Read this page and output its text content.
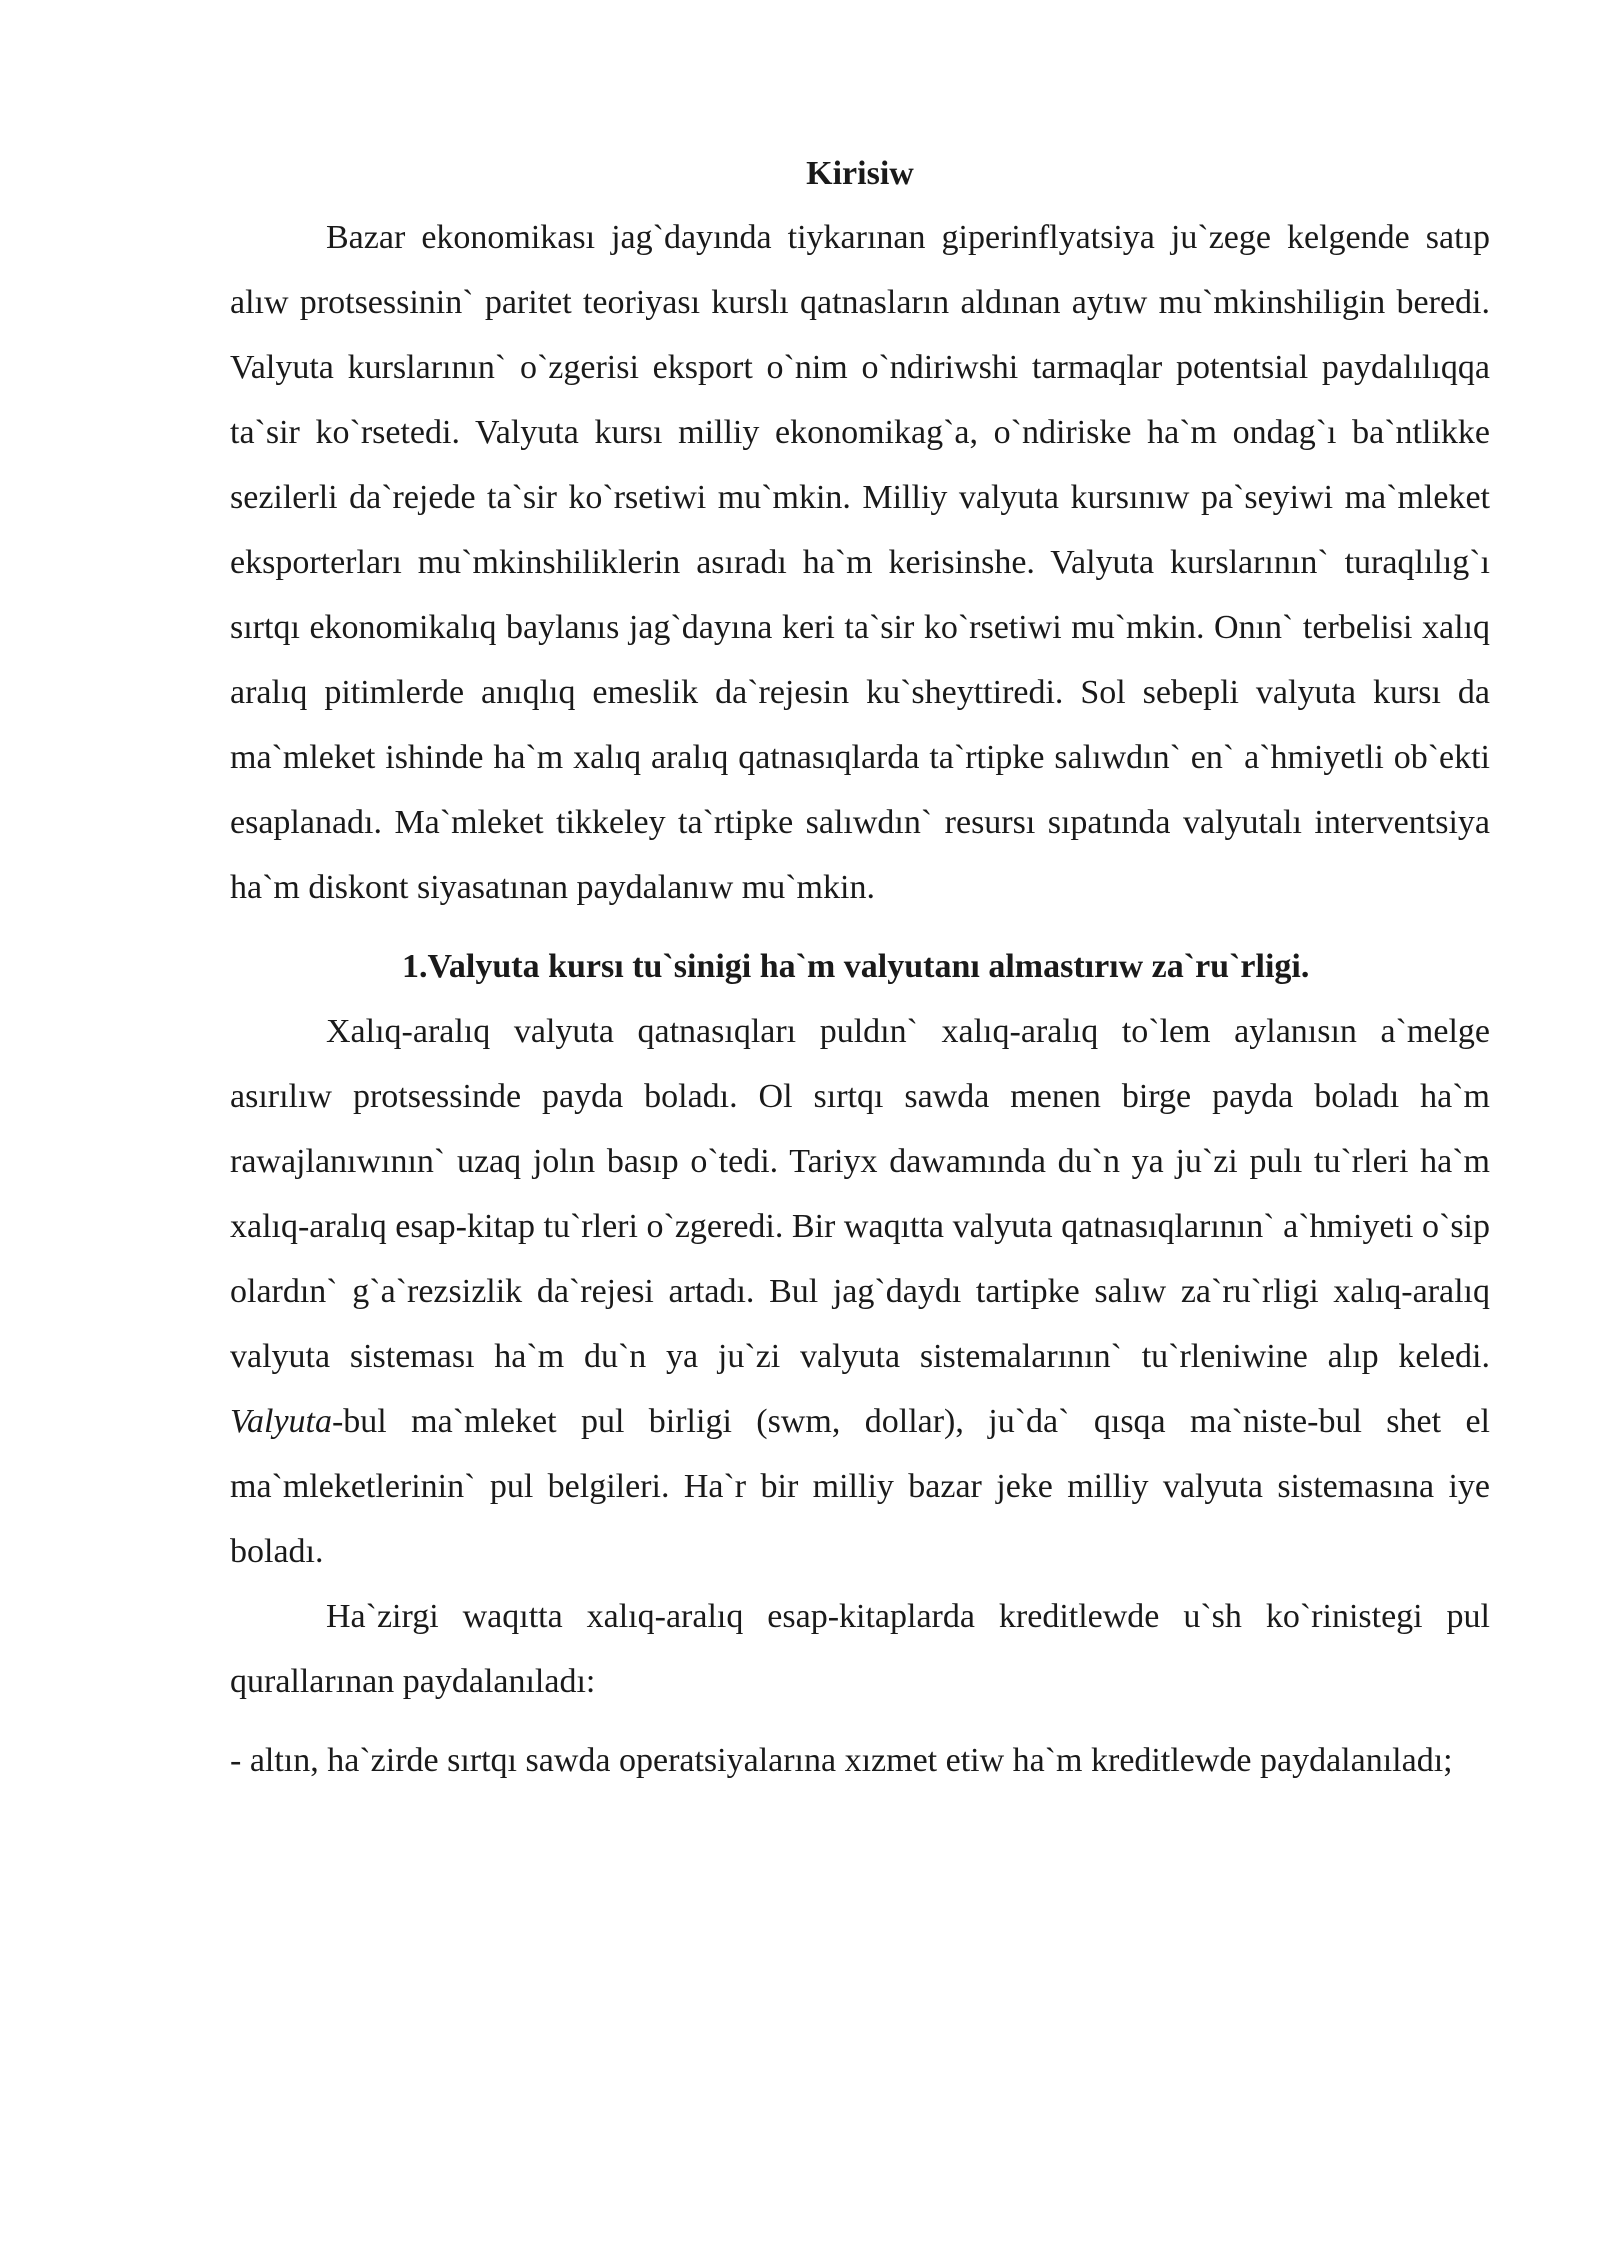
Kirisiw

Bazar ekonomikası jag`dayında tiykarınan giperinflyatsiya ju`zege kelgende satıp alıw protsessinin` paritet teoriyası kurslı qatnasların aldınan aytıw mu`mkinshiligin beredi. Valyuta kurslarının` o`zgerisi eksport o`nim o`ndiriwshi tarmaqlar potentsial paydalılıqqa ta`sir ko`rsetedi. Valyuta kursı milliy ekonomikag`a, o`ndiriske ha`m ondag`ı ba`ntlikke sezilerli da`rejede ta`sir ko`rsetiwi mu`mkin. Milliy valyuta kursınıw pa`seyiwi ma`mleket eksporterları mu`mkinshiliklerin asıradı ha`m kerisinshe. Valyuta kurslarının` turaqlılıg`ı sırtqı ekonomikalıq baylanıs jag`dayına keri ta`sir ko`rsetiwi mu`mkin. Onın` terbelisi xalıq aralıq pitimlerde anıqlıq emeslik da`rejesin ku`sheyttiredi. Sol sebepli valyuta kursı da ma`mleket ishinde ha`m xalıq aralıq qatnasıqlarda ta`rtipke salıwdın` en` a`hmiyetli ob`ekti esaplanadı. Ma`mleket tikkeley ta`rtipke salıwdın` resursı sıpatında valyutalı interventsiya ha`m diskont siyasatınan paydalanıw mu`mkin.

1.Valyuta kursı tu`sinigi ha`m valyutanı almastırıw za`ru`rligi.

Xalıq-aralıq valyuta qatnasıqları puldın` xalıq-aralıq to`lem aylanısın a`melge asırılıw protsessinde payda boladı. Ol sırtqı sawda menen birge payda boladı ha`m rawajlanıwının` uzaq jolın basıp o`tedi. Tariyx dawamında du`n ya ju`zi pulı tu`rleri ha`m xalıq-aralıq esap-kitap tu`rleri o`zgeredi. Bir waqıtta valyuta qatnasıqlarının` a`hmiyeti o`sip olardın` g`a`rezsizlik da`rejesi artadı. Bul jag`daydı tartipke salıw za`ru`rligi xalıq-aralıq valyuta sisteması ha`m du`n ya ju`zi valyuta sistemalarının` tu`rleniwine alıp keledi. Valyuta-bul ma`mleket pul birligi (swm, dollar), ju`da` qısqa ma`niste-bul shet el ma`mleketlerinin` pul belgileri. Ha`r bir milliy bazar jeke milliy valyuta sistemasına iye boladı.

Ha`zirgi waqıtta xalıq-aralıq esap-kitaplarda kreditlewde u`sh ko`rinistegi pul qurallarınan paydalanıladı:

- altın, ha`zirde sırtqı sawda operatsiyalarına xızmet etiw ha`m kreditlewde paydalanıladı;
